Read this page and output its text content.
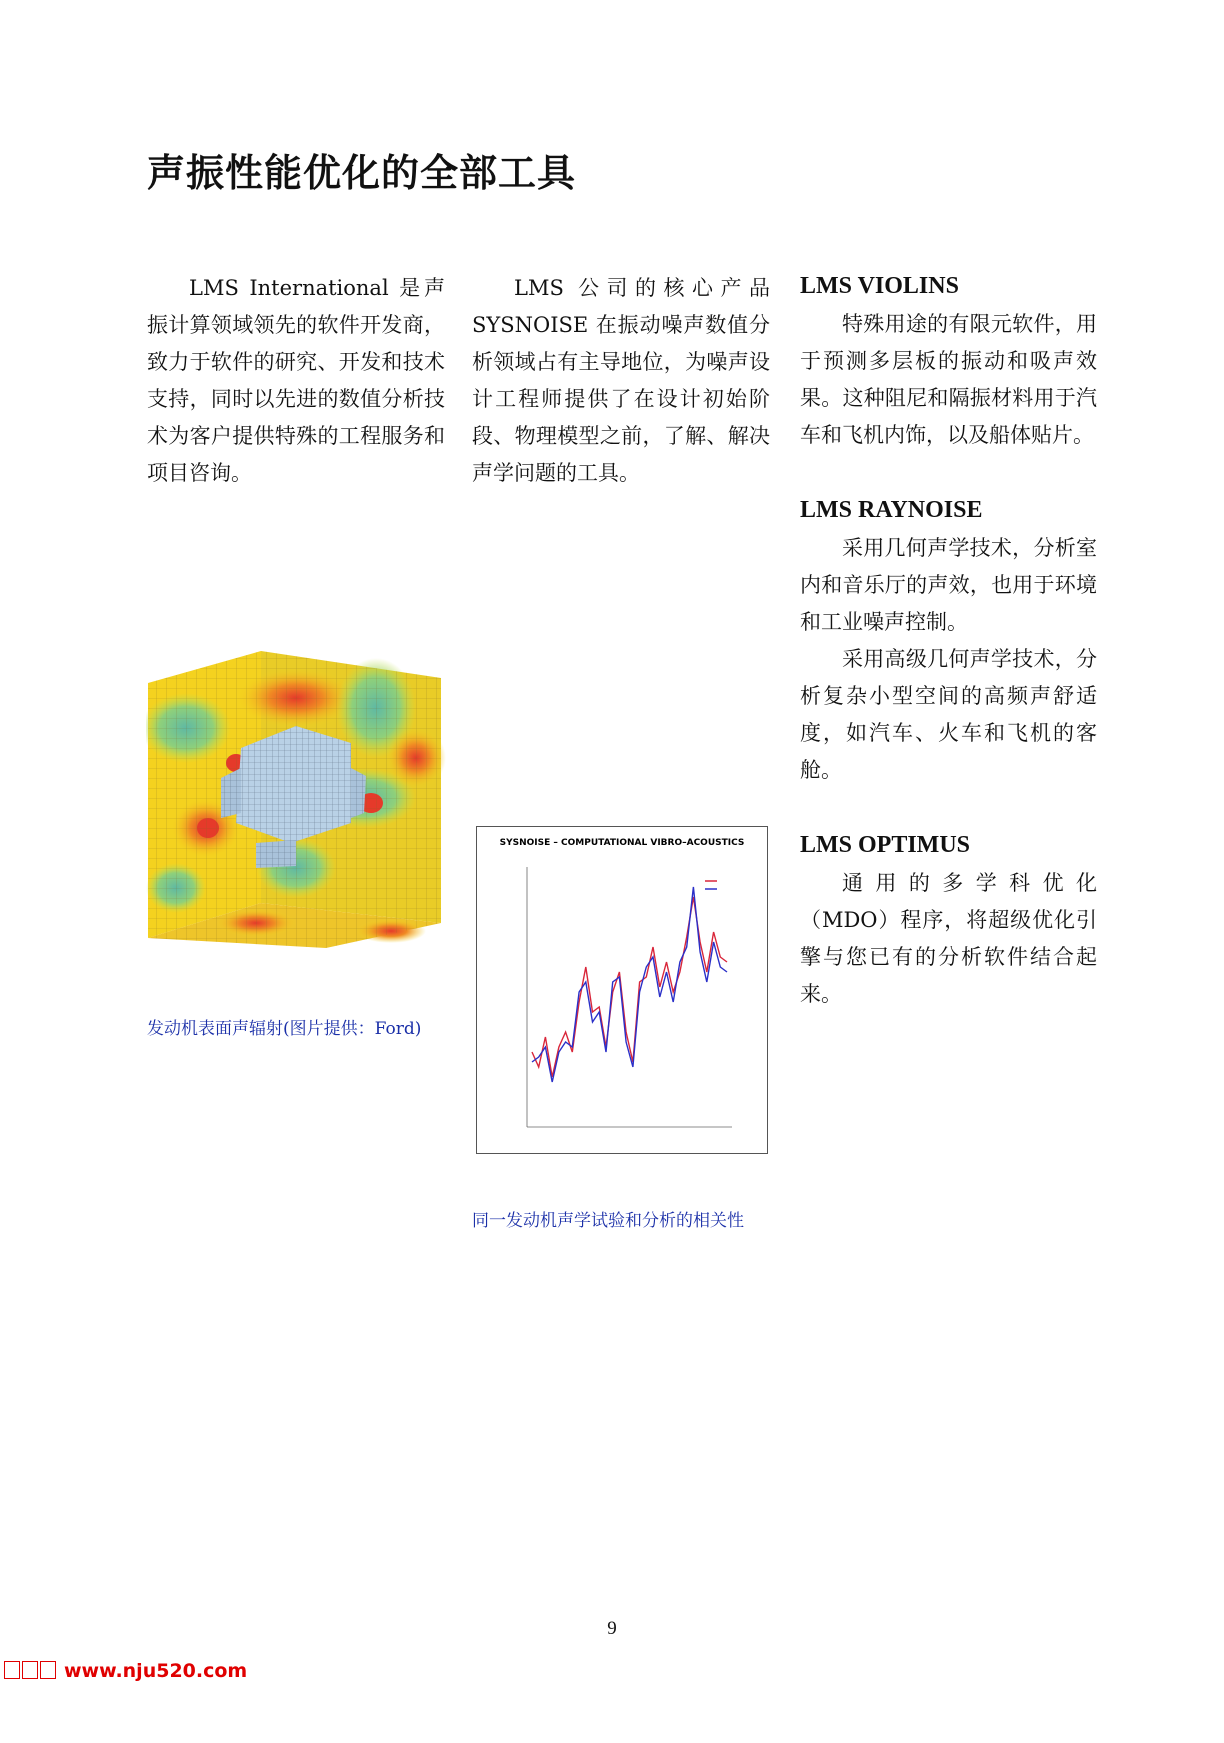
声振性能优化的全部工具

LMS International 是声振计算领域领先的软件开发商，致力于软件的研究、开发和技术支持，同时以先进的数值分析技术为客户提供特殊的工程服务和项目咨询。

LMS 公司的核心产品SYSNOISE 在振动噪声数值分析领域占有主导地位，为噪声设计工程师提供了在设计初始阶段、物理模型之前，了解、解决声学问题的工具。

LMS VIOLINS

特殊用途的有限元软件，用于预测多层板的振动和吸声效果。这种阻尼和隔振材料用于汽车和飞机内饰，以及船体贴片。

LMS RAYNOISE

采用几何声学技术，分析室内和音乐厅的声效，也用于环境和工业噪声控制。

采用高级几何声学技术，分析复杂小型空间的高频声舒适度，如汽车、火车和飞机的客舱。

LMS OPTIMUS

通用的多学科优化（MDO）程序，将超级优化引擎与您已有的分析软件结合起来。

发动机表面声辐射(图片提供：Ford)

SYSNOISE – COMPUTATIONAL VIBRO–ACOUSTICS

同一发动机声学试验和分析的相关性

9
www.nju520.com
